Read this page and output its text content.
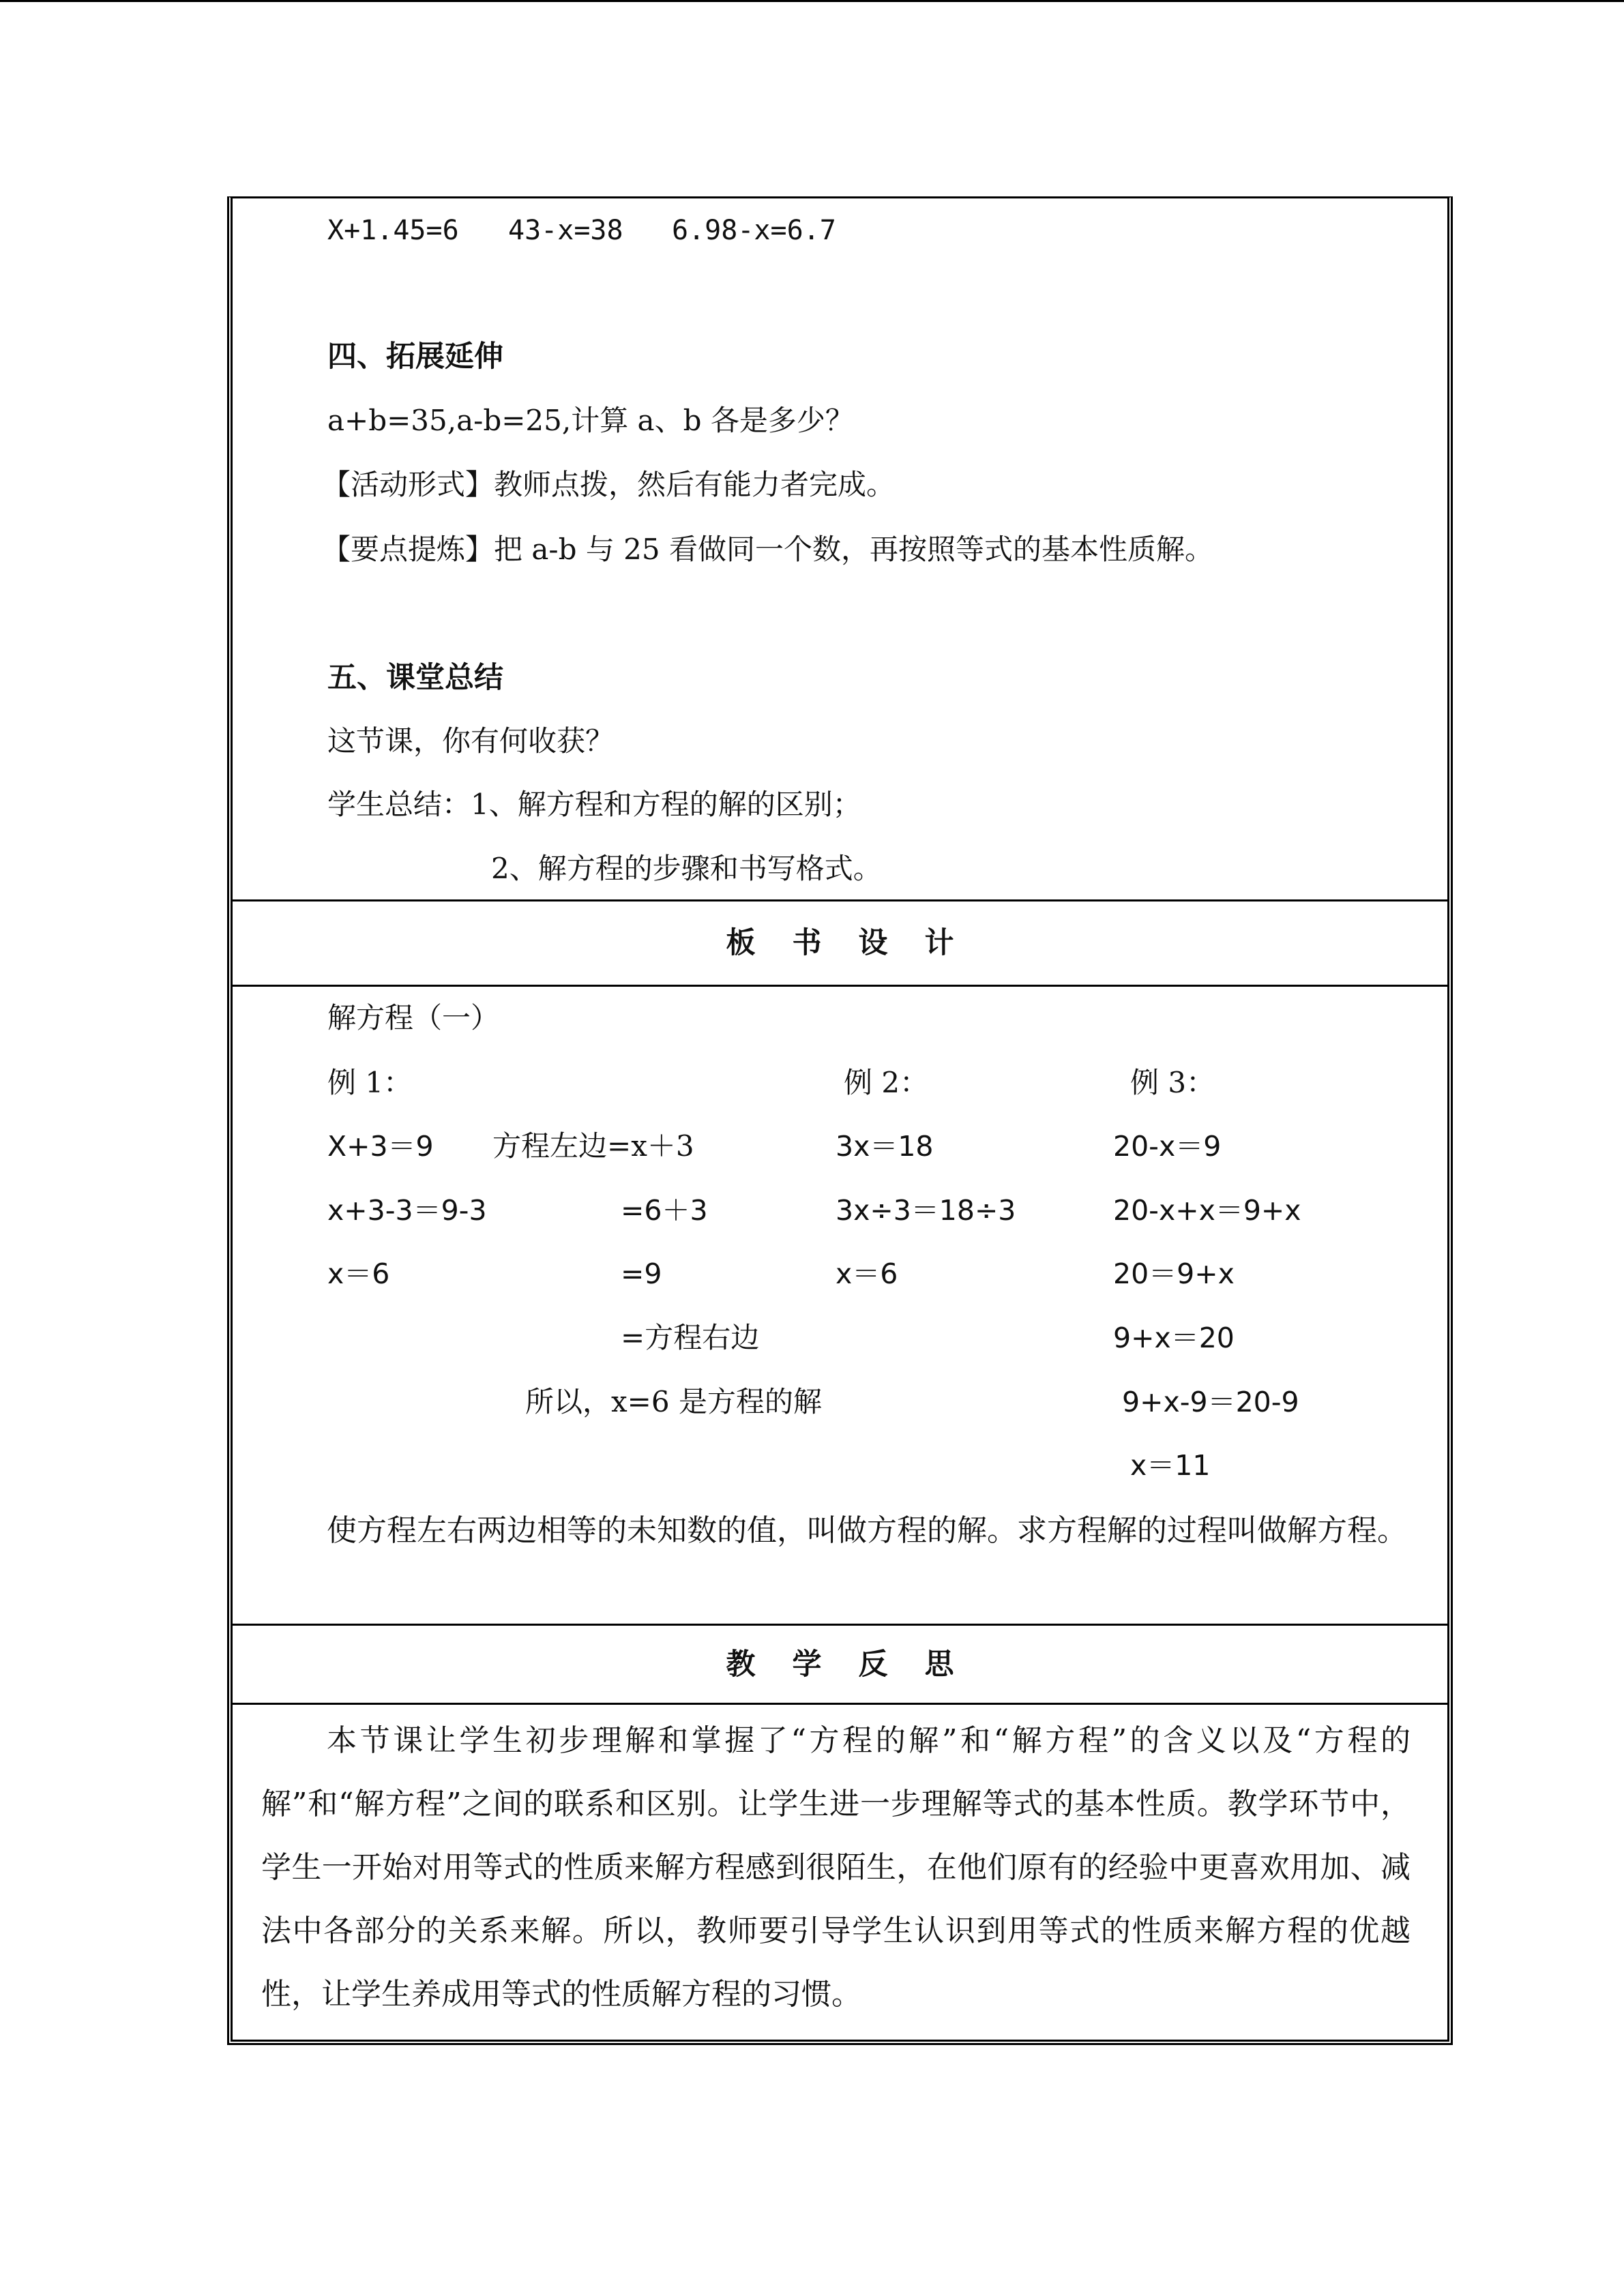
X+1.45=6 43-x=38 6.98-x=6.7
四、拓展延伸
a+b=35,a-b=25,计算 a、b 各是多少？
【活动形式】教师点拨，然后有能力者完成。
【要点提炼】把 a-b 与 25 看做同一个数，再按照等式的基本性质解。
五、课堂总结
这节课，你有何收获？
学生总结：1、解方程和方程的解的区别；
2、解方程的步骤和书写格式。
板书设计
解方程（一）
例 1：	例 2：	例 3：
X+3＝9
x+3-3＝9-3
x＝6
方程左边=x＋3
=6＋3
=9
=方程右边
所以，x=6 是方程的解
3x＝18
3x÷3＝18÷3
x＝6
20-x＝9
20-x+x＝9+x
20＝9+x
9+x＝20
9+x-9＝20-9
x＝11
使方程左右两边相等的未知数的值，叫做方程的解。求方程解的过程叫做解方程。
教学反思
本节课让学生初步理解和掌握了“方程的解”和“解方程”的含义以及“方程的解”和“解方程”之间的联系和区别。让学生进一步理解等式的基本性质。教学环节中，学生一开始对用等式的性质来解方程感到很陌生，在他们原有的经验中更喜欢用加、减法中各部分的关系来解。所以，教师要引导学生认识到用等式的性质来解方程的优越性，让学生养成用等式的性质解方程的习惯。
